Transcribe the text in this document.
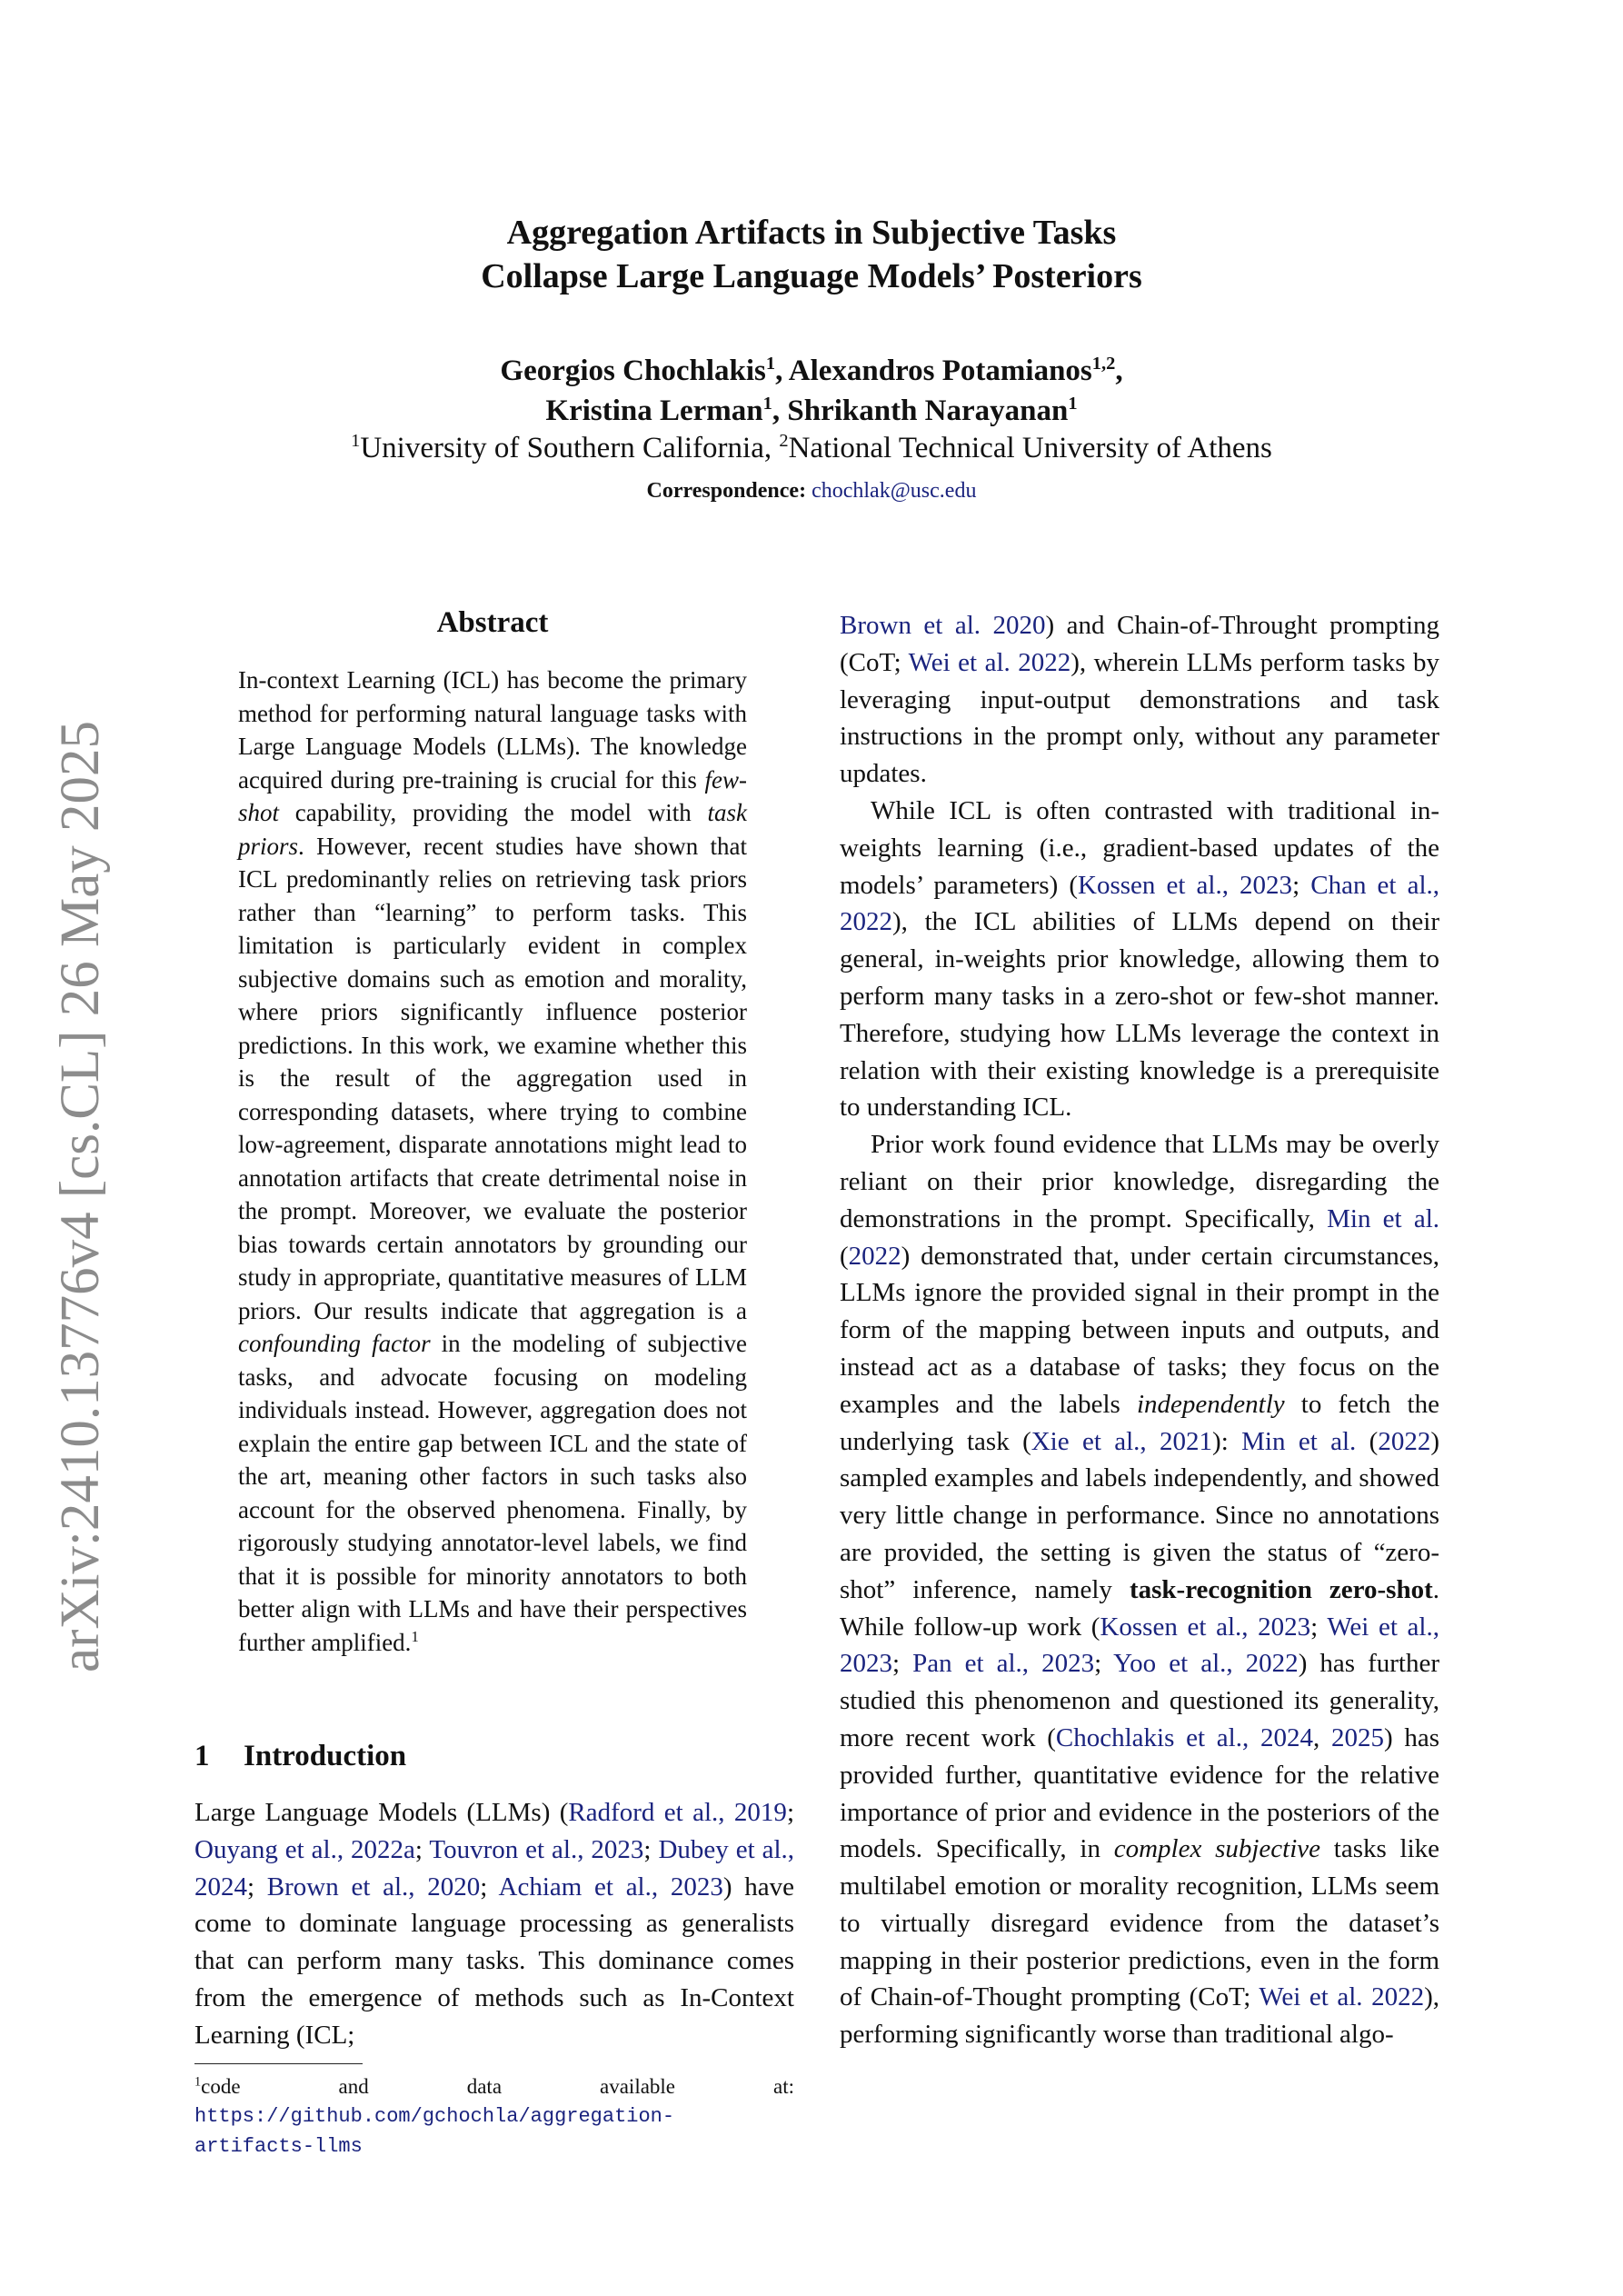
arXiv:2410.13776v4 [cs.CL] 26 May 2025
Aggregation Artifacts in Subjective Tasks
Collapse Large Language Models’ Posteriors
Georgios Chochlakis$^1$, Alexandros Potamianos$^{1,2}$,
Kristina Lerman$^1$, Shrikanth Narayanan$^1$
$^1$University of Southern California, $^2$National Technical University of Athens
Correspondence: chochlak@usc.edu
Abstract

In-context Learning (ICL) has become the primary method for performing natural language tasks with Large Language Models (LLMs). The knowledge acquired during pre-training is crucial for this few-shot capability, providing the model with task priors. However, recent studies have shown that ICL predominantly relies on retrieving task priors rather than “learning” to perform tasks. This limitation is particularly evident in complex subjective domains such as emotion and morality, where priors significantly influence posterior predictions. In this work, we examine whether this is the result of the aggregation used in corresponding datasets, where trying to combine low-agreement, disparate annotations might lead to annotation artifacts that create detrimental noise in the prompt. Moreover, we evaluate the posterior bias towards certain annotators by grounding our study in appropriate, quantitative measures of LLM priors. Our results indicate that aggregation is a confounding factor in the modeling of subjective tasks, and advocate focusing on modeling individuals instead. However, aggregation does not explain the entire gap between ICL and the state of the art, meaning other factors in such tasks also account for the observed phenomena. Finally, by rigorously studying annotator-level labels, we find that it is possible for minority annotators to both better align with LLMs and have their perspectives further amplified.$^1$

1 Introduction

Large Language Models (LLMs) (Radford et al., 2019; Ouyang et al., 2022a; Touvron et al., 2023; Dubey et al., 2024; Brown et al., 2020; Achiam et al., 2023) have come to dominate language processing as generalists that can perform many tasks. This dominance comes from the emergence of methods such as In-Context Learning (ICL;

$^1$code and data available at: https://github.com/gchochla/aggregation-artifacts-llms

Brown et al. 2020) and Chain-of-Throught prompting (CoT; Wei et al. 2022), wherein LLMs perform tasks by leveraging input-output demonstrations and task instructions in the prompt only, without any parameter updates.

While ICL is often contrasted with traditional in-weights learning (i.e., gradient-based updates of the models’ parameters) (Kossen et al., 2023; Chan et al., 2022), the ICL abilities of LLMs depend on their general, in-weights prior knowledge, allowing them to perform many tasks in a zero-shot or few-shot manner. Therefore, studying how LLMs leverage the context in relation with their existing knowledge is a prerequisite to understanding ICL.

Prior work found evidence that LLMs may be overly reliant on their prior knowledge, disregarding the demonstrations in the prompt. Specifically, Min et al. (2022) demonstrated that, under certain circumstances, LLMs ignore the provided signal in their prompt in the form of the mapping between inputs and outputs, and instead act as a database of tasks; they focus on the examples and the labels independently to fetch the underlying task (Xie et al., 2021): Min et al. (2022) sampled examples and labels independently, and showed very little change in performance. Since no annotations are provided, the setting is given the status of “zero-shot” inference, namely task-recognition zero-shot. While follow-up work (Kossen et al., 2023; Wei et al., 2023; Pan et al., 2023; Yoo et al., 2022) has further studied this phenomenon and questioned its generality, more recent work (Chochlakis et al., 2024, 2025) has provided further, quantitative evidence for the relative importance of prior and evidence in the posteriors of the models. Specifically, in complex subjective tasks like multilabel emotion or morality recognition, LLMs seem to virtually disregard evidence from the dataset’s mapping in their posterior predictions, even in the form of Chain-of-Thought prompting (CoT; Wei et al. 2022), performing significantly worse than traditional algo-
